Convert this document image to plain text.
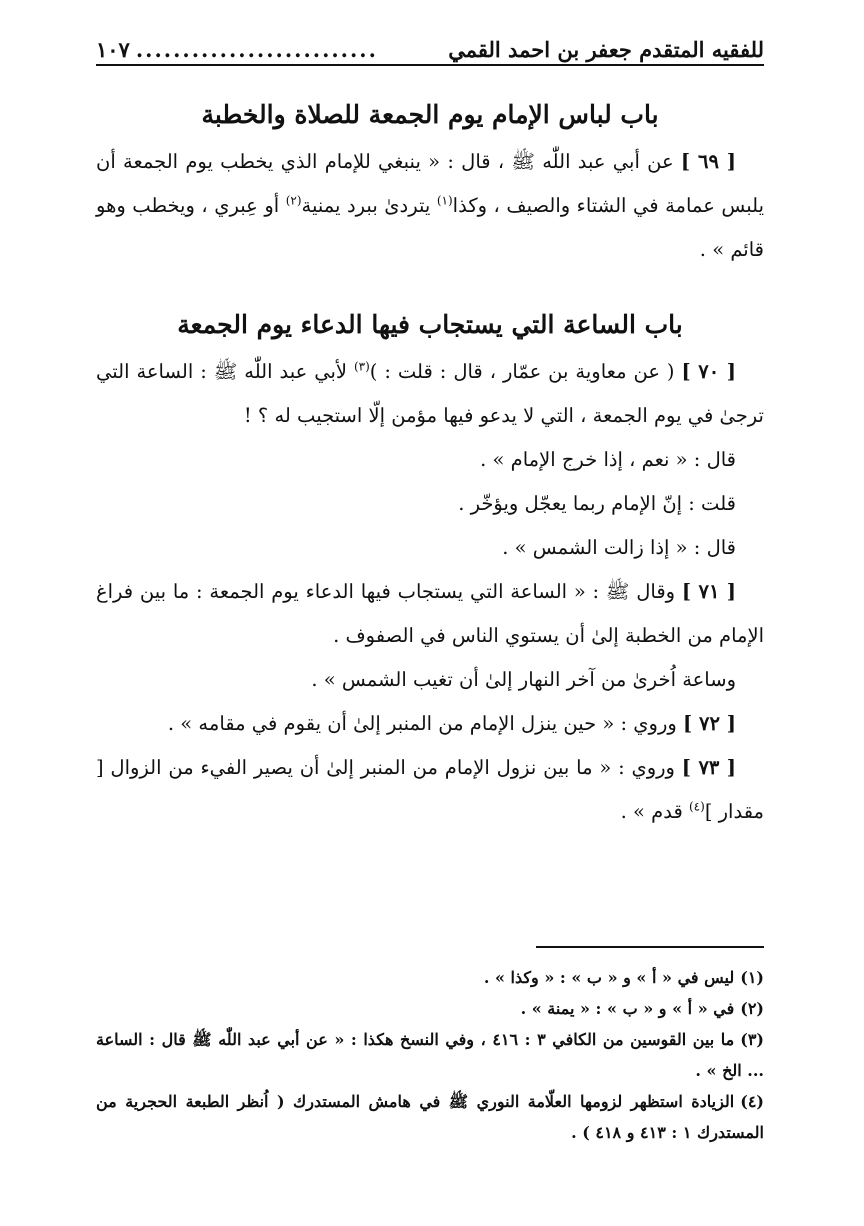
للفقيه المتقدم جعفر بن احمد القمي
..........................
١٠٧
باب لباس الإمام يوم الجمعة للصلاة والخطبة

[ ٦٩ ] عن أبي عبد اللّٰه ﷺ ، قال : « ينبغي للإمام الذي يخطب يوم الجمعة أن يلبس عمامة في الشتاء والصيف ، وكذا$^{(١)}$ يتردىٰ ببرد يمنية$^{(٢)}$ أو عِبري ، ويخطب وهو قائم » .

باب الساعة التي يستجاب فيها الدعاء يوم الجمعة

[ ٧٠ ] ( عن معاوية بن عمّار ، قال : قلت : )$^{(٣)}$ لأبي عبد اللّٰه ﷺ : الساعة التي ترجىٰ في يوم الجمعة ، التي لا يدعو فيها مؤمن إلّا استجيب له ؟ !

قال : « نعم ، إذا خرج الإمام » .

قلت : إنّ الإمام ربما يعجّل ويؤخّر .

قال : « إذا زالت الشمس » .

[ ٧١ ] وقال ﷺ : « الساعة التي يستجاب فيها الدعاء يوم الجمعة : ما بين فراغ الإمام من الخطبة إلىٰ أن يستوي الناس في الصفوف .

وساعة اُخرىٰ من آخر النهار إلىٰ أن تغيب الشمس » .

[ ٧٢ ] وروي : « حين ينزل الإمام من المنبر إلىٰ أن يقوم في مقامه » .

[ ٧٣ ] وروي : « ما بين نزول الإمام من المنبر إلىٰ أن يصير الفيء من الزوال [ مقدار ]$^{(٤)}$ قدم » .

(١)ليس في « أ » و « ب » : « وكذا » .

(٢)في « أ » و « ب » : « يمنة » .

(٣)ما بين القوسين من الكافي ٣ : ٤١٦ ، وفي النسخ هكذا : « عن أبي عبد اللّٰه ﷺ قال : الساعة ... الخ » .

(٤)الزيادة استظهر لزومها العلّامة النوري ﷺ في هامش المستدرك ( اُنظر الطبعة الحجرية من المستدرك ١ : ٤١٣ و ٤١٨ ) .
